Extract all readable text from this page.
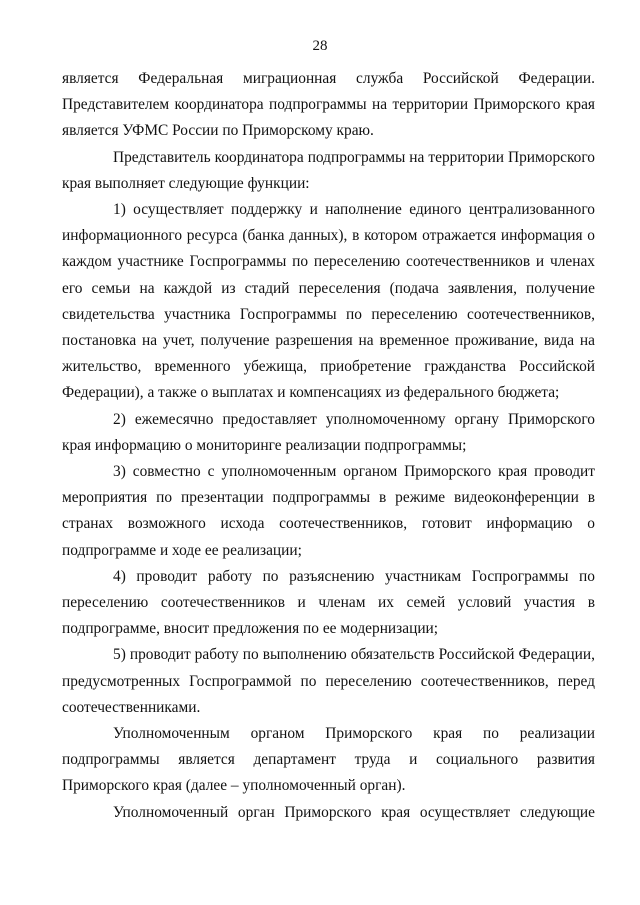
28

является Федеральная миграционная служба Российской Федерации. Представителем координатора подпрограммы на территории Приморского края является УФМС России по Приморскому краю.

Представитель координатора подпрограммы на территории Приморского края выполняет следующие функции:

1) осуществляет поддержку и наполнение единого централизованного информационного ресурса (банка данных), в котором отражается информация о каждом участнике Госпрограммы по переселению соотечественников и членах его семьи на каждой из стадий переселения (подача заявления, получение свидетельства участника Госпрограммы по переселению соотечественников, постановка на учет, получение разрешения на временное проживание, вида на жительство, временного убежища, приобретение гражданства Российской Федерации), а также о выплатах и компенсациях из федерального бюджета;

2) ежемесячно предоставляет уполномоченному органу Приморского края информацию о мониторинге реализации подпрограммы;

3) совместно с уполномоченным органом Приморского края проводит мероприятия по презентации подпрограммы в режиме видеоконференции в странах возможного исхода соотечественников, готовит информацию о подпрограмме и ходе ее реализации;

4) проводит работу по разъяснению участникам Госпрограммы по переселению соотечественников и членам их семей условий участия в подпрограмме, вносит предложения по ее модернизации;

5) проводит работу по выполнению обязательств Российской Федерации, предусмотренных Госпрограммой по переселению соотечественников, перед соотечественниками.

Уполномоченным органом Приморского края по реализации подпрограммы является департамент труда и социального развития Приморского края (далее – уполномоченный орган).

Уполномоченный орган Приморского края осуществляет следующие
